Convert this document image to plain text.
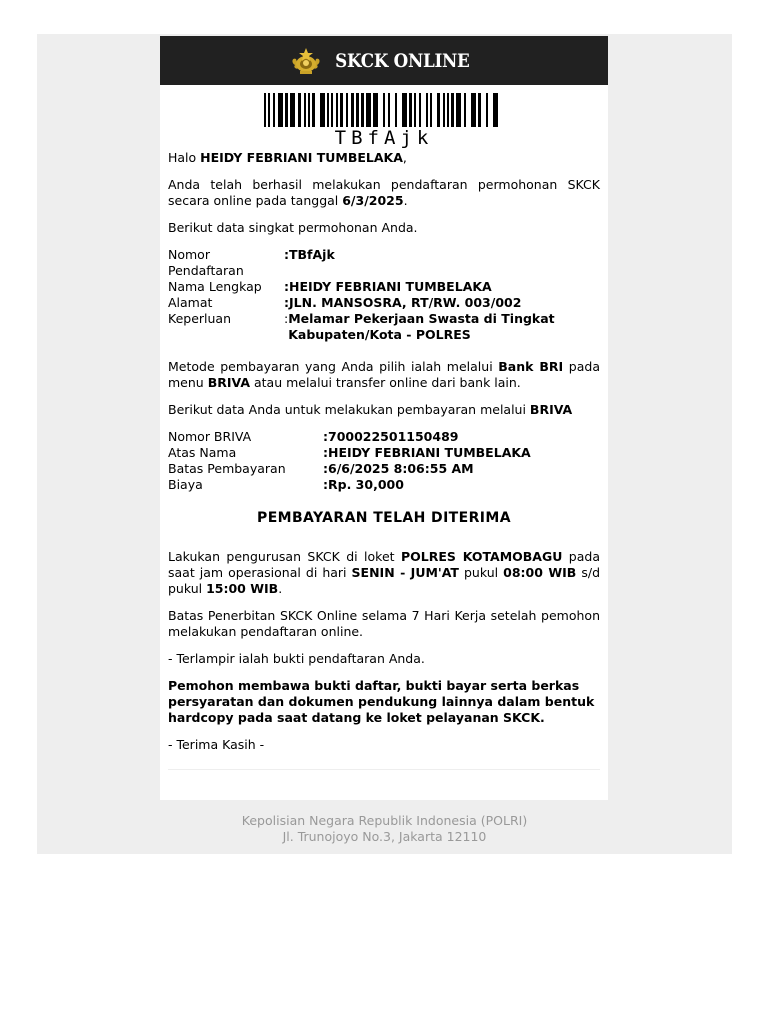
SKCK ONLINE
TBfAjk

Halo HEIDY FEBRIANI TUMBELAKA,

Anda telah berhasil melakukan pendaftaran permohonan SKCK secara online pada tanggal 6/3/2025.

Berikut data singkat permohonan Anda.

Nomor Pendaftaran	:TBfAjk
Nama Lengkap	:HEIDY FEBRIANI TUMBELAKA
Alamat	:JLN. MANSOSRA, RT/RW. 003/002
Keperluan	: Melamar Pekerjaan Swasta di Tingkat Kabupaten/Kota - POLRES

Metode pembayaran yang Anda pilih ialah melalui Bank BRI pada menu BRIVA atau melalui transfer online dari bank lain.

Berikut data Anda untuk melakukan pembayaran melalui BRIVA

Nomor BRIVA	:700022501150489
Atas Nama	:HEIDY FEBRIANI TUMBELAKA
Batas Pembayaran	:6/6/2025 8:06:55 AM
Biaya	:Rp. 30,000
PEMBAYARAN TELAH DITERIMA

Lakukan pengurusan SKCK di loket POLRES KOTAMOBAGU pada saat jam operasional di hari SENIN - JUM'AT pukul 08:00 WIB s/d pukul 15:00 WIB.

Batas Penerbitan SKCK Online selama 7 Hari Kerja setelah pemohon melakukan pendaftaran online.

- Terlampir ialah bukti pendaftaran Anda.

Pemohon membawa bukti daftar, bukti bayar serta berkas persyaratan dan dokumen pendukung lainnya dalam bentuk hardcopy pada saat datang ke loket pelayanan SKCK.

- Terima Kasih -

Kepolisian Negara Republik Indonesia (POLRI)
Jl. Trunojoyo No.3, Jakarta 12110
